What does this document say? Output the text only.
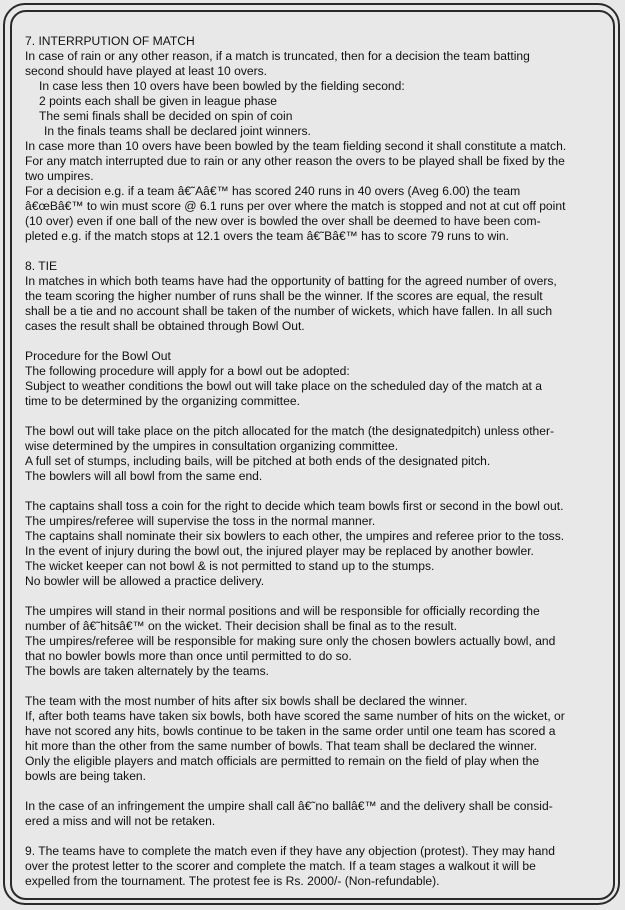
7. INTERRPUTION OF MATCH
In case of rain or any other reason, if a match is truncated, then for a decision the team batting
second should have played at least 10 overs.
In case less then 10 overs have been bowled by the fielding second:
2 points each shall be given in league phase
The semi finals shall be decided on spin of coin
In the finals teams shall be declared joint winners.
In case more than 10 overs have been bowled by the team fielding second it shall constitute a match.
For any match interrupted due to rain or any other reason the overs to be played shall be fixed by the
two umpires.
For a decision e.g. if a team â€˜Aâ€™ has scored 240 runs in 40 overs (Aveg 6.00) the team
â€œBâ€™ to win must score @ 6.1 runs per over where the match is stopped and not at cut off point
(10 over) even if one ball of the new over is bowled the over shall be deemed to have been com-
pleted e.g. if the match stops at 12.1 overs the team â€˜Bâ€™ has to score 79 runs to win.
8. TIE
In matches in which both teams have had the opportunity of batting for the agreed number of overs,
the team scoring the higher number of runs shall be the winner. If the scores are equal, the result
shall be a tie and no account shall be taken of the number of wickets, which have fallen. In all such
cases the result shall be obtained through Bowl Out.
Procedure for the Bowl Out
The following procedure will apply for a bowl out be adopted:
Subject to weather conditions the bowl out will take place on the scheduled day of the match at a
time to be determined by the organizing committee.
The bowl out will take place on the pitch allocated for the match (the designatedpitch) unless other-
wise determined by the umpires in consultation organizing committee.
A full set of stumps, including bails, will be pitched at both ends of the designated pitch.
The bowlers will all bowl from the same end.
The captains shall toss a coin for the right to decide which team bowls first or second in the bowl out.
The umpires/referee will supervise the toss in the normal manner.
The captains shall nominate their six bowlers to each other, the umpires and referee prior to the toss.
In the event of injury during the bowl out, the injured player may be replaced by another bowler.
The wicket keeper can not bowl & is not permitted to stand up to the stumps.
No bowler will be allowed a practice delivery.
The umpires will stand in their normal positions and will be responsible for officially recording the
number of â€˜hitsâ€™ on the wicket. Their decision shall be final as to the result.
The umpires/referee will be responsible for making sure only the chosen bowlers actually bowl, and
that no bowler bowls more than once until permitted to do so.
The bowls are taken alternately by the teams.
The team with the most number of hits after six bowls shall be declared the winner.
If, after both teams have taken six bowls, both have scored the same number of hits on the wicket, or
have not scored any hits, bowls continue to be taken in the same order until one team has scored a
hit more than the other from the same number of bowls. That team shall be declared the winner.
Only the eligible players and match officials are permitted to remain on the field of play when the
bowls are being taken.
In the case of an infringement the umpire shall call â€˜no ballâ€™ and the delivery shall be consid-
ered a miss and will not be retaken.
9. The teams have to complete the match even if they have any objection (protest). They may hand
over the protest letter to the scorer and complete the match. If a team stages a walkout it will be
expelled from the tournament. The protest fee is Rs. 2000/- (Non-refundable).
